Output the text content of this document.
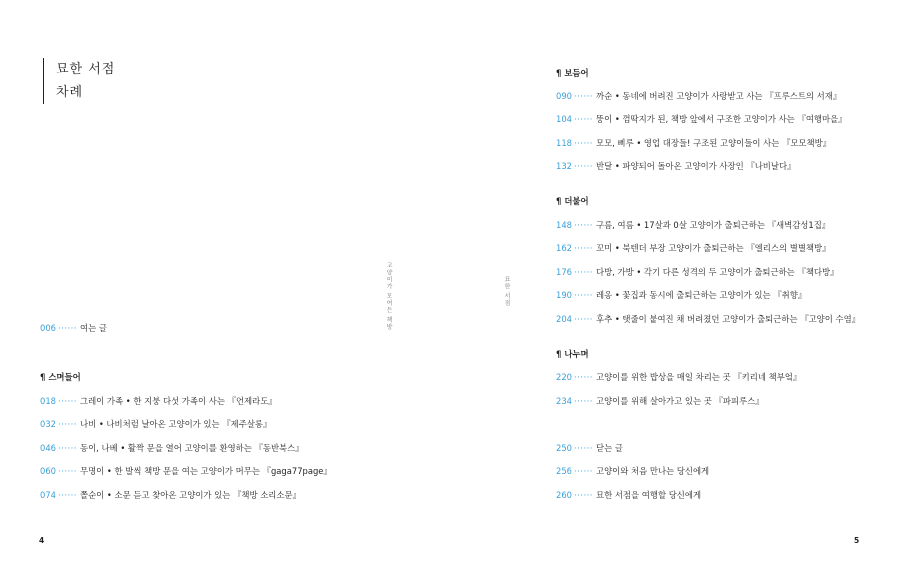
묘한 서점
차례
고양이가 모여든 책방
006 ······ 여는 글
¶ 스며들어
018 ······ 그레이 가족 • 한 지붕 다섯 가족이 사는 『언제라도』
032 ······ 나비 • 나비처럼 날아온 고양이가 있는 『제주살롱』
046 ······ 동이, 나베 • 활짝 문을 열어 고양이를 환영하는 『동반북스』
060 ······ 무명이 • 한 발씩 책방 문을 여는 고양이가 머무는 『gaga77page』
074 ······ 쫄순이 • 소문 듣고 찾아온 고양이가 있는 『책방 소리소문』
4
묘한 서점
¶ 보듬어
090 ······ 까순 • 동네에 버려진 고양이가 사랑받고 사는 『프루스트의 서재』
104 ······ 뚱이 • 껌딱지가 된, 책방 앞에서 구조한 고양이가 사는 『여행마을』
118 ······ 모모, 삐루 • 영업 대장들! 구조된 고양이들이 사는 『모모책방』
132 ······ 반달 • 파양되어 돌아온 고양이가 사장인 『나비날다』
¶ 더불어
148 ······ 구름, 여름 • 17살과 0살 고양이가 출퇴근하는 『새벽감성1집』
162 ······ 꼬미 • 북텐더 부장 고양이가 출퇴근하는 『엘리스의 별별책방』
176 ······ 다방, 가방 • 각기 다른 성격의 두 고양이가 출퇴근하는 『책다방』
190 ······ 레옹 • 꽃집과 동시에 출퇴근하는 고양이가 있는 『취향』
204 ······ 후추 • 탯줄이 붙여진 채 버려졌던 고양이가 출퇴근하는 『고양이 수염』
¶ 나누며
220 ······ 고양이를 위한 밥상을 매일 차리는 곳 『키리네 책부엌』
234 ······ 고양이를 위해 살아가고 있는 곳 『파피루스』
250 ······ 닫는 글
256 ······ 고양이와 처음 만나는 당신에게
260 ······ 묘한 서점을 여행할 당신에게
5
